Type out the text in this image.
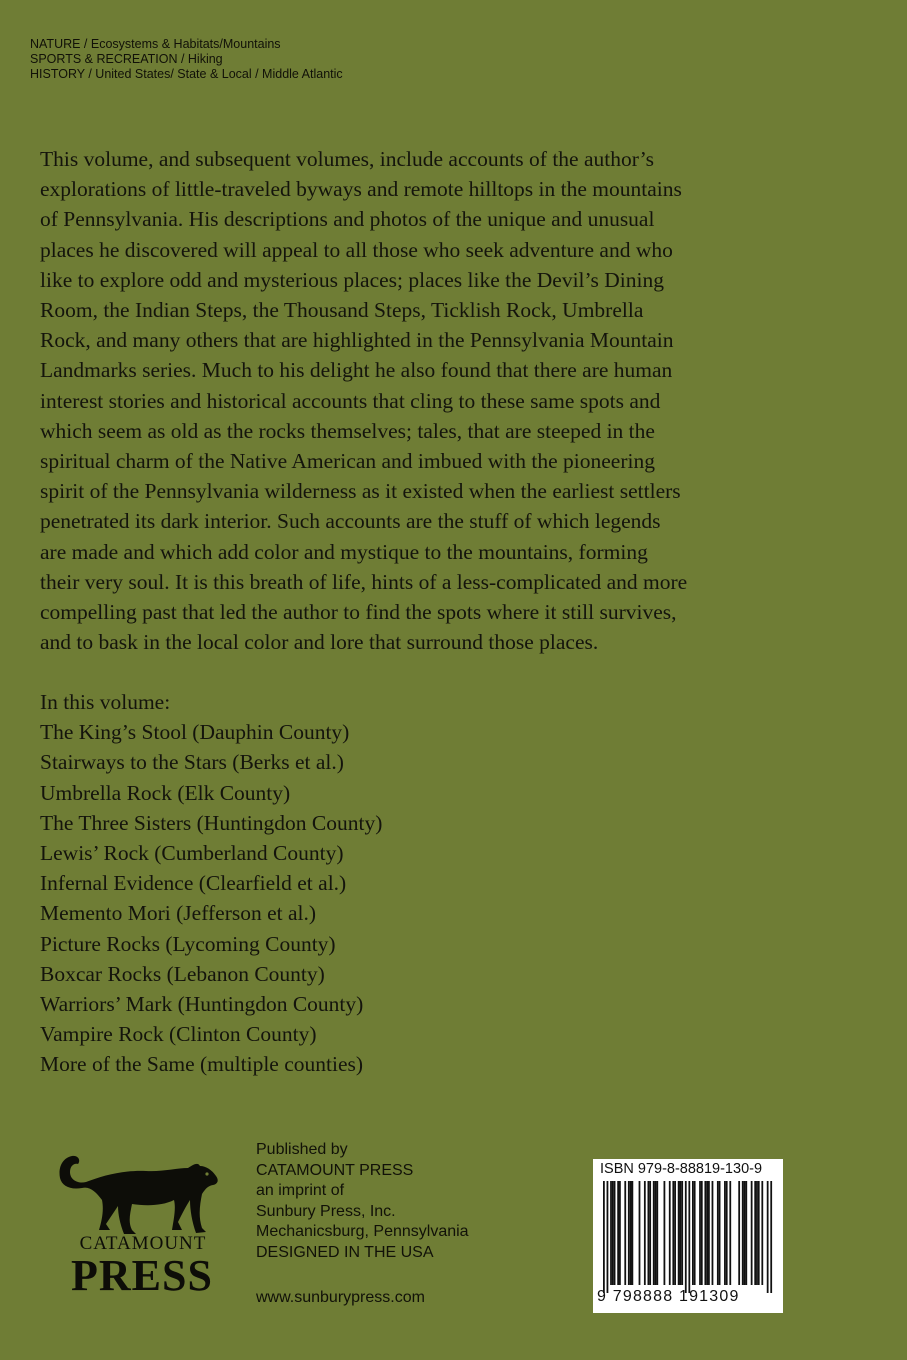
NATURE / Ecosystems & Habitats/Mountains
SPORTS & RECREATION / Hiking
HISTORY / United States/ State & Local / Middle Atlantic

This volume, and subsequent volumes, include accounts of the author’s
explorations of little-traveled byways and remote hilltops in the mountains
of Pennsylvania. His descriptions and photos of the unique and unusual
places he discovered will appeal to all those who seek adventure and who
like to explore odd and mysterious places; places like the Devil’s Dining
Room, the Indian Steps, the Thousand Steps, Ticklish Rock, Umbrella
Rock, and many others that are highlighted in the Pennsylvania Mountain
Landmarks series. Much to his delight he also found that there are human
interest stories and historical accounts that cling to these same spots and
which seem as old as the rocks themselves; tales, that are steeped in the
spiritual charm of the Native American and imbued with the pioneering
spirit of the Pennsylvania wilderness as it existed when the earliest settlers
penetrated its dark interior. Such accounts are the stuff of which legends
are made and which add color and mystique to the mountains, forming
their very soul. It is this breath of life, hints of a less-complicated and more
compelling past that led the author to find the spots where it still survives,
and to bask in the local color and lore that surround those places.

In this volume:
The King’s Stool (Dauphin County)
Stairways to the Stars (Berks et al.)
Umbrella Rock (Elk County)
The Three Sisters (Huntingdon County)
Lewis’ Rock (Cumberland County)
Infernal Evidence (Clearfield et al.)
Memento Mori (Jefferson et al.)
Picture Rocks (Lycoming County)
Boxcar Rocks (Lebanon County)
Warriors’ Mark (Huntingdon County)
Vampire Rock (Clinton County)
More of the Same (multiple counties)
CATAMOUNT
PRESS
Published by
CATAMOUNT PRESS
an imprint of
Sunbury Press, Inc.
Mechanicsburg, Pennsylvania
DESIGNED IN THE USA
www.sunburypress.com
ISBN 979-8-88819-130-9
9 798888 191309
